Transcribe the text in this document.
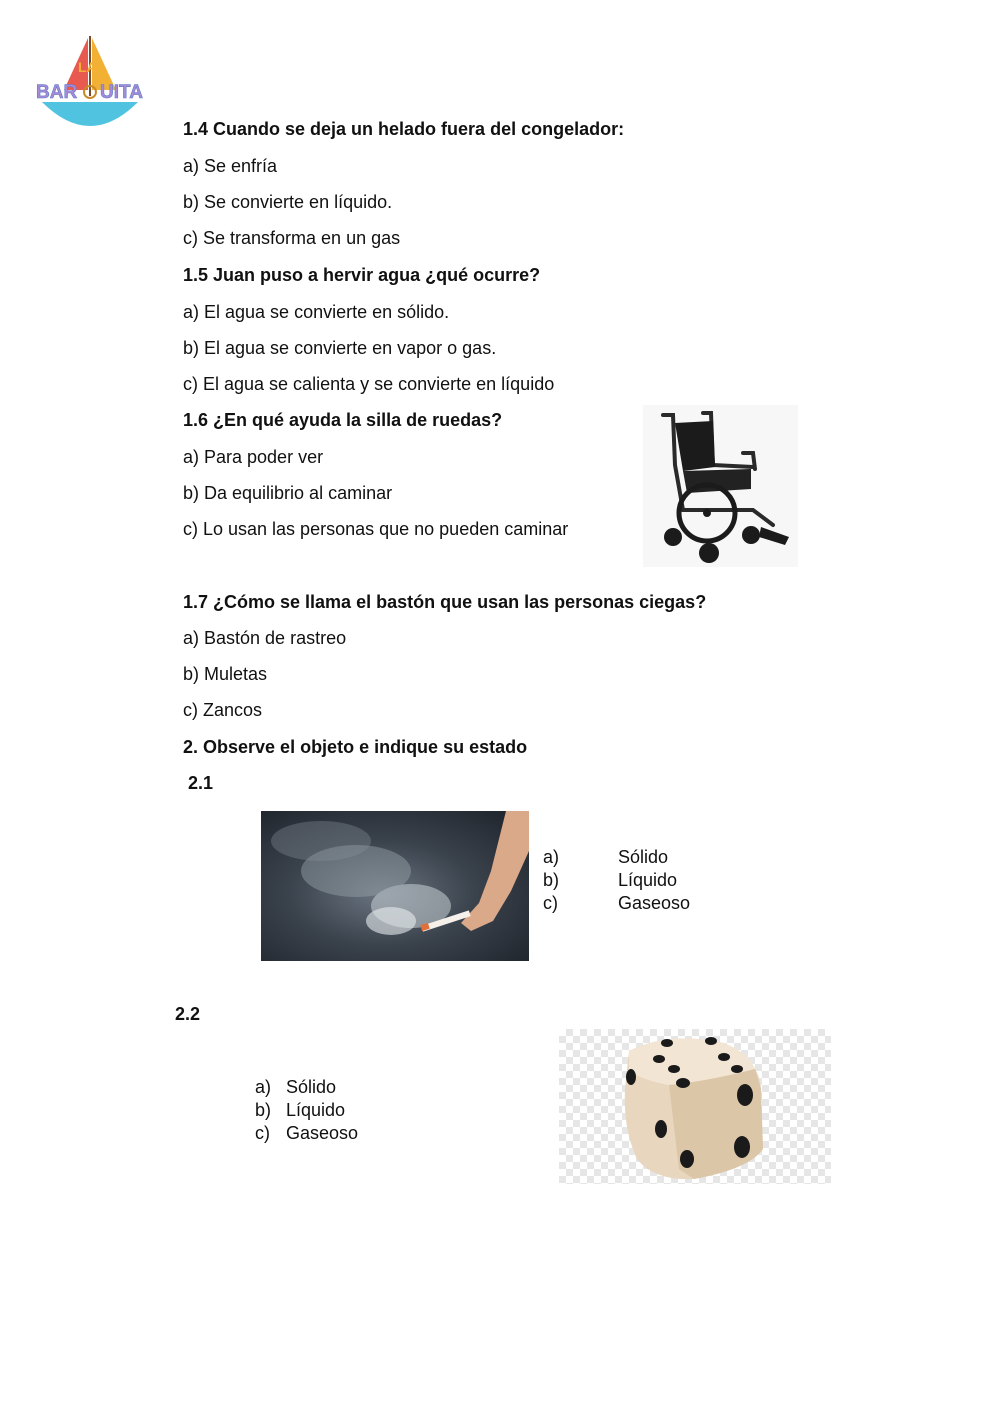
BAR UITA
LA
1.4 Cuando se deja un helado fuera del congelador:
a) Se enfría
b) Se convierte en líquido.
c) Se transforma en un gas
1.5 Juan puso a hervir agua ¿qué ocurre?
a) El agua se convierte en sólido.
b) El agua se convierte en vapor o gas.
c) El agua se calienta y se convierte en líquido
1.6 ¿En qué ayuda la silla de ruedas?
a) Para poder ver
b) Da equilibrio al caminar
c) Lo usan las personas que no pueden caminar
1.7 ¿Cómo se llama el bastón que usan las personas ciegas?
a) Bastón de rastreo
b) Muletas
c) Zancos
2. Observe el objeto e indique su estado
2.1
a)	Sólido
b)	Líquido
c)	Gaseoso
2.2
a) Sólido
b) Líquido
c) Gaseoso
